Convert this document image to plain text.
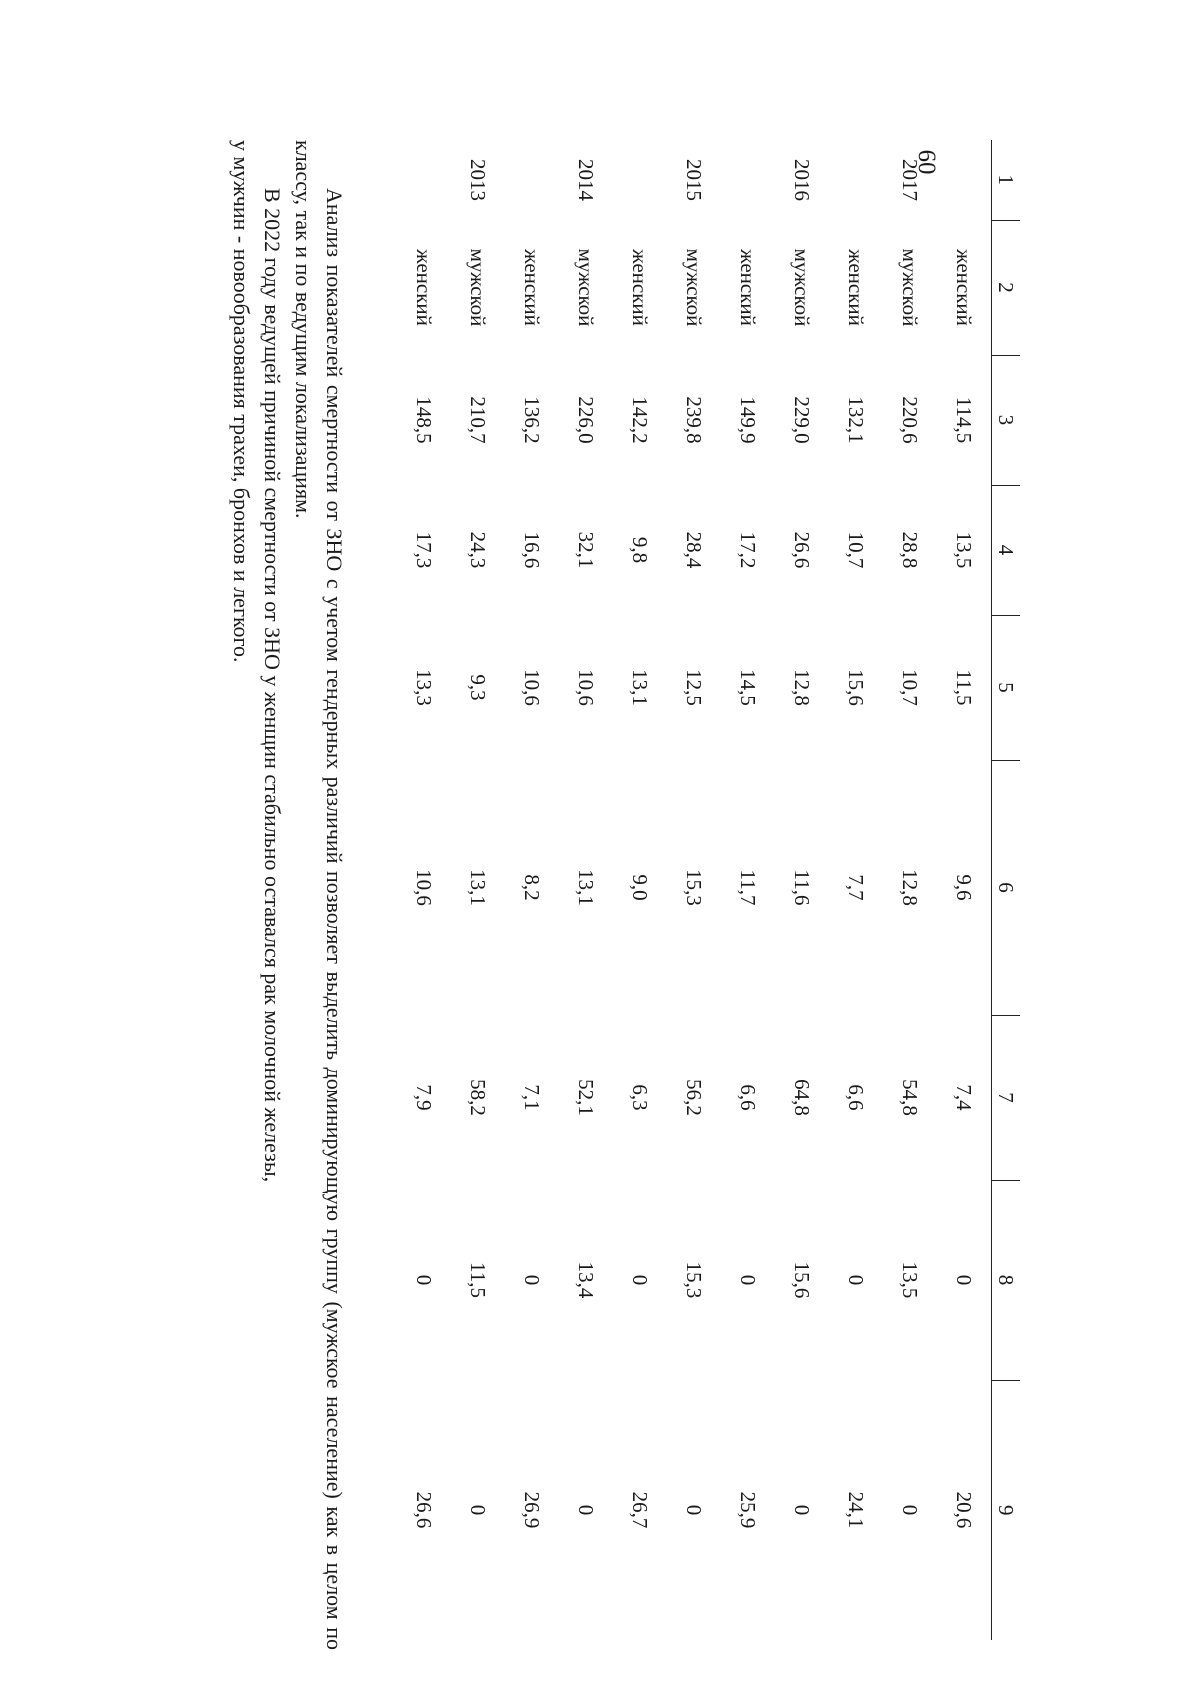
60
1	2	3	4	5	6	7	8	9
	женский	114,5	13,5	11,5	9,6	7,4	0	20,6
2017	мужской	220,6	28,8	10,7	12,8	54,8	13,5	0
	женский	132,1	10,7	15,6	7,7	6,6	0	24,1
2016	мужской	229,0	26,6	12,8	11,6	64,8	15,6	0
	женский	149,9	17,2	14,5	11,7	6,6	0	25,9
2015	мужской	239,8	28,4	12,5	15,3	56,2	15,3	0
	женский	142,2	9,8	13,1	9,0	6,3	0	26,7
2014	мужской	226,0	32,1	10,6	13,1	52,1	13,4	0
	женский	136,2	16,6	10,6	8,2	7,1	0	26,9
2013	мужской	210,7	24,3	9,3	13,1	58,2	11,5	0
	женский	148,5	17,3	13,3	10,6	7,9	0	26,6

Анализ показателей смертности от ЗНО с учетом гендерных различий позволяет выделить доминирующую группу (мужское население) как в целом по классу, так и по ведущим локализациям.

В 2022 году ведущей причиной смертности от ЗНО у женщин стабильно оставался рак молочной железы,

у мужчин - новообразования трахеи, бронхов и легкого.
